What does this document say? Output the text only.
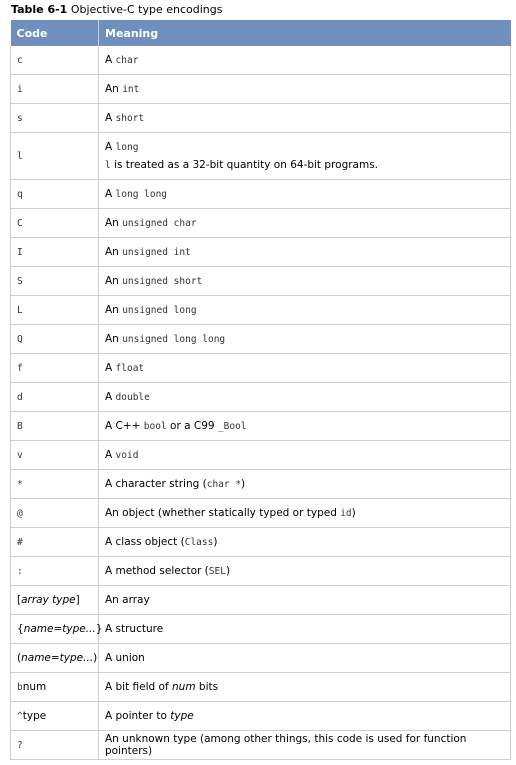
Table 6-1 Objective-C type encodings
Code	Meaning
c	A char

i	An int

s	A short

l	A long
l is treated as a 32-bit quantity on 64-bit programs.

q	A long long

C	An unsigned char

I	An unsigned int

S	An unsigned short

L	An unsigned long

Q	An unsigned long long

f	A float

d	A double

B	A C++ bool or a C99 _Bool

v	A void

*	A character string (char *)

@	An object (whether statically typed or typed id)

#	A class object (Class)

:	A method selector (SEL)

[array type]	An array

{name=type...}	A structure

(name=type...)	A union

bnum	A bit field of num bits

^type	A pointer to type

?	An unknown type (among other things, this code is used for function pointers)
